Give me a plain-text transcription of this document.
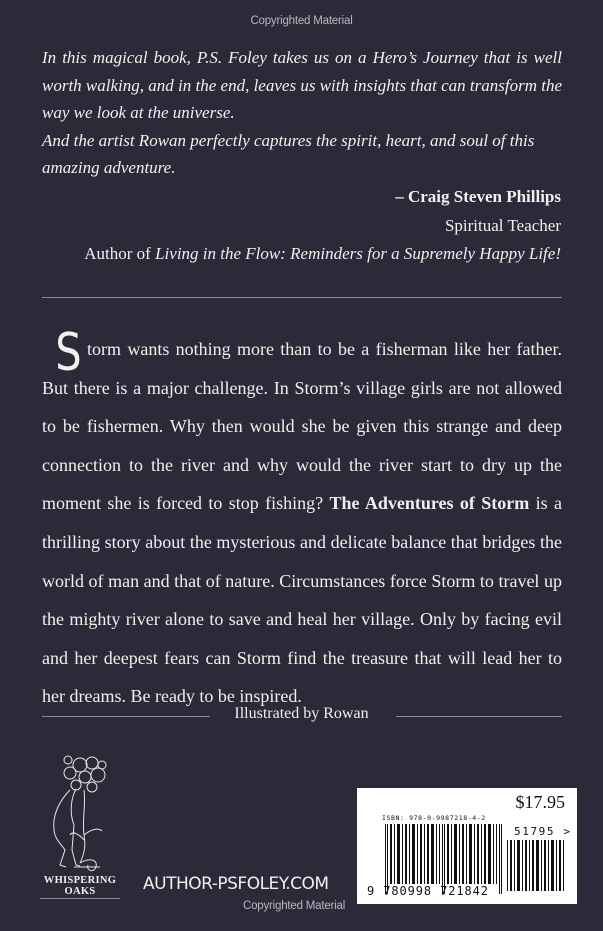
Copyrighted Material

In this magical book, P.S. Foley takes us on a Hero’s Journey that is well worth walking, and in the end, leaves us with insights that can transform the way we look at the universe.

And the artist Rowan perfectly captures the spirit, heart, and soul of this amazing adventure.

– Craig Steven Phillips
Spiritual Teacher
Author of Living in the Flow: Reminders for a Supremely Happy Life!

Storm wants nothing more than to be a fisherman like her father. But there is a major challenge. In Storm’s village girls are not allowed to be fishermen. Why then would she be given this strange and deep connection to the river and why would the river start to dry up the moment she is forced to stop fishing? The Adventures of Storm is a thrilling story about the mysterious and delicate balance that bridges the world of man and that of nature. Circumstances force Storm to travel up the mighty river alone to save and heal her village. Only by facing evil and her deepest fears can Storm find the treasure that will lead her to her dreams. Be ready to be inspired.

Illustrated by Rowan
WHISPERING
OAKS	AUTHOR-PSFOLEY.COM
Copyrighted Material
$17.95
ISBN: 978-0-9987218-4-2
51795 >
9 780998 721842
